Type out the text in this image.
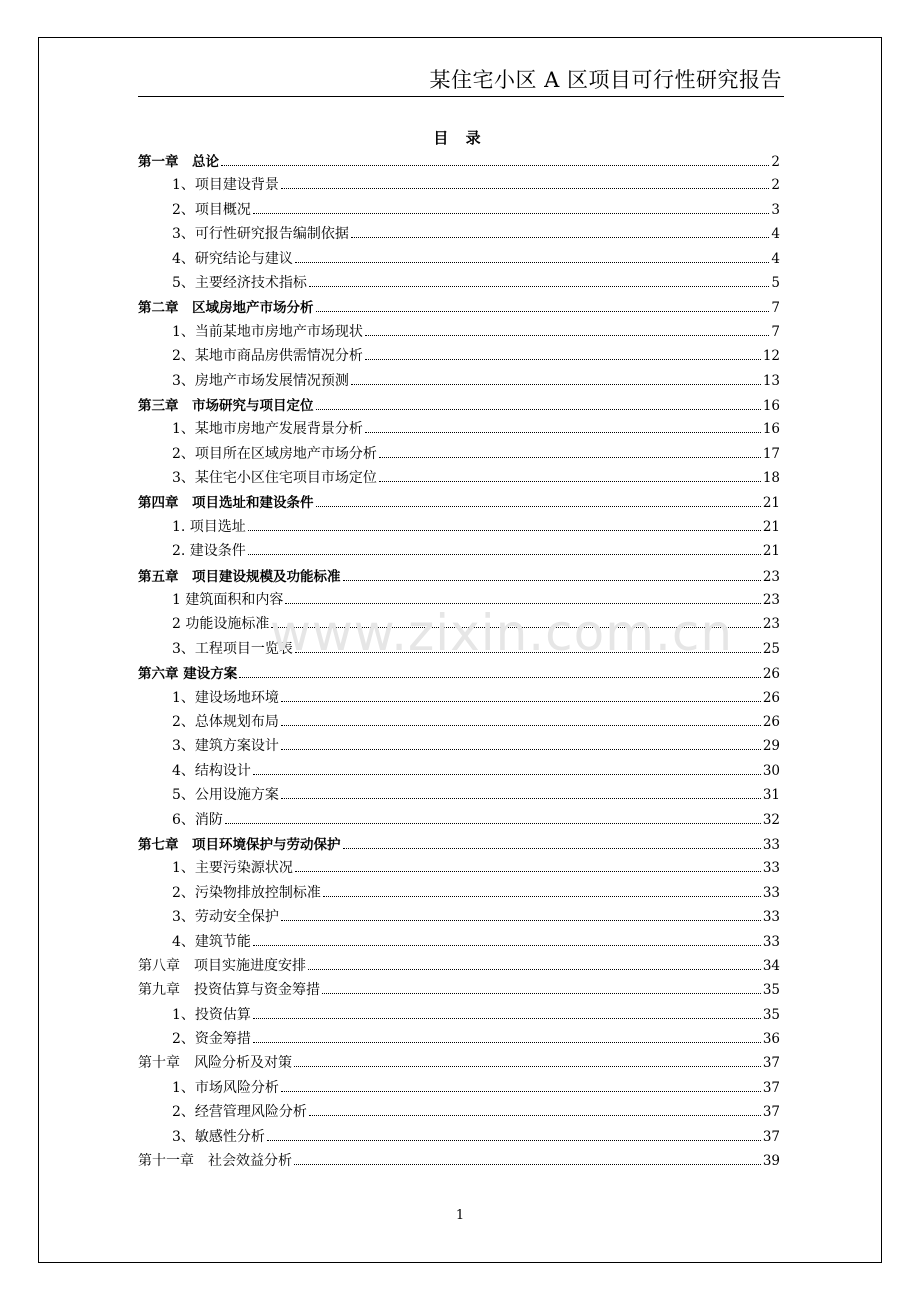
某住宅小区 A 区项目可行性研究报告
目 录
第一章　总论	2
1、项目建设背景	2
2、项目概况	3
3、可行性研究报告编制依据	4
4、研究结论与建议	4
5、主要经济技术指标	5
第二章　区域房地产市场分析	7
1、当前某地市房地产市场现状	7
2、某地市商品房供需情况分析	12
3、房地产市场发展情况预测	13
第三章　市场研究与项目定位	16
1、某地市房地产发展背景分析	16
2、项目所在区域房地产市场分析	17
3、某住宅小区住宅项目市场定位	18
第四章　项目选址和建设条件	21
1. 项目选址	21
2. 建设条件	21
第五章　项目建设规模及功能标准	23
1 建筑面积和内容	23
2 功能设施标准	23
3、工程项目一览表	25
第六章 建设方案	26
1、建设场地环境	26
2、总体规划布局	26
3、建筑方案设计	29
4、结构设计	30
5、公用设施方案	31
6、消防	32
第七章　项目环境保护与劳动保护	33
1、主要污染源状况	33
2、污染物排放控制标准	33
3、劳动安全保护	33
4、建筑节能	33
第八章　项目实施进度安排	34
第九章　投资估算与资金筹措	35
1、投资估算	35
2、资金筹措	36
第十章　风险分析及对策	37
1、市场风险分析	37
2、经营管理风险分析	37
3、敏感性分析	37
第十一章　社会效益分析	39
www.zixin.com.cn
1
